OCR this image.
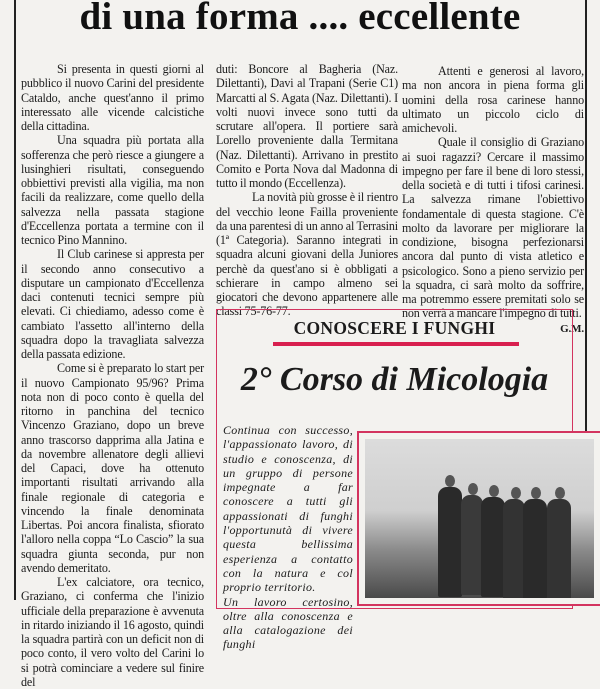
di una forma .... eccellente

Si presenta in questi giorni al pubblico il nuovo Carini del presidente Cataldo, anche quest'anno il primo interessato alle vicende calcistiche della cittadina.

Una squadra più portata alla sofferenza che però riesce a giungere a lusinghieri risultati, conseguendo obbiettivi previsti alla vigilia, ma non facili da realizzare, come quello della salvezza nella passata stagione d'Eccellenza portata a termine con il tecnico Pino Mannino.

Il Club carinese si appresta per il secondo anno consecutivo a disputare un campionato d'Eccellenza daci contenuti tecnici sempre più elevati. Ci chiediamo, adesso come è cambiato l'assetto all'interno della squadra dopo la travagliata salvezza della passata edizione.

Come si è preparato lo start per il nuovo Campionato 95/96? Prima nota non di poco conto è quella del ritorno in panchina del tecnico Vincenzo Graziano, dopo un breve anno trascorso dapprima alla Jatina e da novembre allenatore degli allievi del Capaci, dove ha ottenuto importanti risultati arrivando alla finale regionale di categoria e vincendo la finale denominata Libertas. Poi ancora finalista, sfiorato l'alloro nella coppa “Lo Cascio” la sua squadra giunta seconda, pur non avendo demeritato.

L'ex calciatore, ora tecnico, Graziano, ci conferma che l'inizio ufficiale della preparazione è avvenuta in ritardo iniziando il 16 agosto, quindi la squadra partirà con un deficit non di poco conto, il vero volto del Carini lo si potrà cominciare a vedere sul finire del

duti: Boncore al Bagheria (Naz. Dilettanti), Davi al Trapani (Serie C1) Marcatti al S. Agata (Naz. Dilettanti). I volti nuovi invece sono tutti da scrutare all'opera. Il portiere sarà Lorello proveniente dalla Termitana (Naz. Dilettanti). Arrivano in prestito Comito e Porta Nova dal Madonna di tutto il mondo (Eccellenza).

La novità più grosse è il rientro del vecchio leone Failla proveniente da una parentesi di un anno al Terrasini (1ª Categoria). Saranno integrati in squadra alcuni giovani della Juniores perchè da quest'ano si è obbligati a schierare in campo almeno sei giocatori che devono appartenere alle classi 75-76-77.

Attenti e generosi al lavoro, ma non ancora in piena forma gli uomini della rosa carinese hanno ultimato un piccolo ciclo di amichevoli.

Quale il consiglio di Graziano ai suoi ragazzi? Cercare il massimo impegno per fare il bene di loro stessi, della società e di tutti i tifosi carinesi. La salvezza rimane l'obiettivo fondamentale di questa stagione. C'è molto da lavorare per migliorare la condizione, bisogna perfezionarsi ancora dal punto di vista atletico e psicologico. Sono a pieno servizio per la squadra, ci sarà molto da soffrire, ma potremmo essere premitati solo se non verrà a mancare l'impegno di tutti.

G.M.
CONOSCERE I FUNGHI
2° Corso di Micologia
Continua con successo, l'appassionato lavoro, di studio e conoscenza, di un gruppo di persone impegnate a far conoscere a tutti gli appassionati di funghi l'opportunutà di vivere questa bellissima esperienza a contatto con la natura e col proprio territorio.
Un lavoro certosino, oltre alla conoscenza e alla catalogazione dei funghi
